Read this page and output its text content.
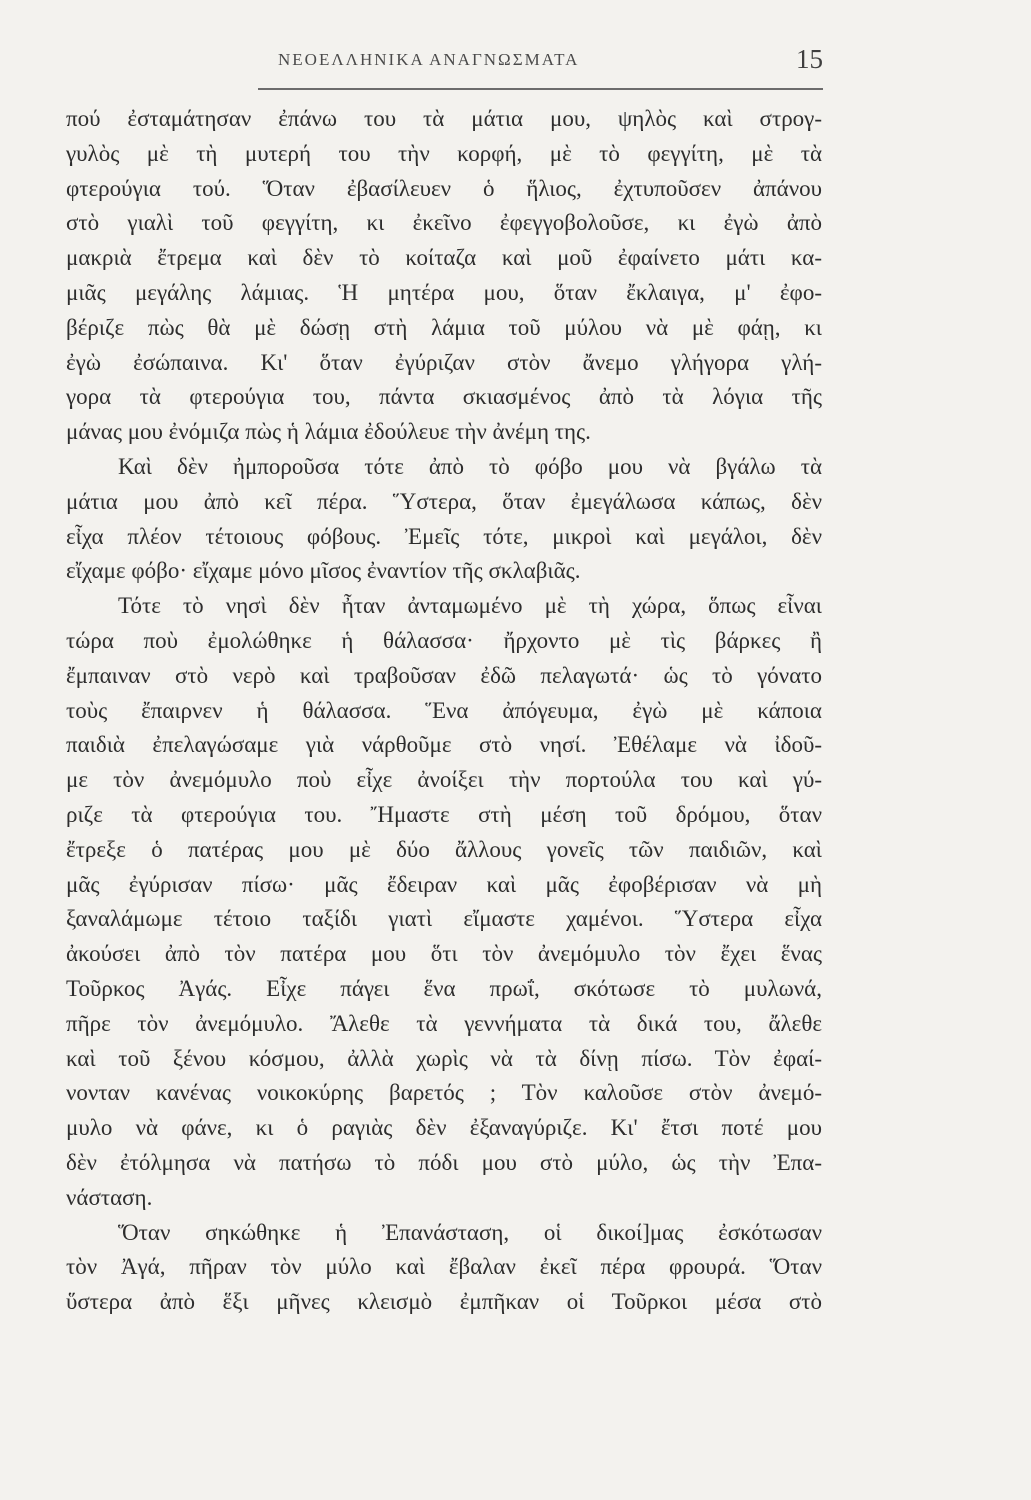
ΝΕΟΕΛΛΗΝΙΚΑ ΑΝΑΓΝΩΣΜΑΤΑ	15
πού ἐσταμάτησαν ἐπάνω του τὰ μάτια μου, ψηλὸς καὶ στρογ-
γυλὸς μὲ τὴ μυτερή του τὴν κορφή, μὲ τὸ φεγγίτη, μὲ τὰ
φτερούγια τού. Ὅταν ἐβασίλευεν ὁ ἥλιος, ἐχτυποῦσεν ἀπάνου
στὸ γιαλὶ τοῦ φεγγίτη, κι ἐκεῖνο ἐφεγγοβολοῦσε, κι ἐγὼ ἀπὸ
μακριὰ ἔτρεμα καὶ δὲν τὸ κοίταζα καὶ μοῦ ἐφαίνετο μάτι κα-
μιᾶς μεγάλης λάμιας. Ἡ μητέρα μου, ὅταν ἔκλαιγα, μ' ἐφο-
βέριζε πὼς θὰ μὲ δώσῃ στὴ λάμια τοῦ μύλου νὰ μὲ φάῃ, κι
ἐγὼ ἐσώπαινα. Κι' ὅταν ἐγύριζαν στὸν ἄνεμο γλήγορα γλή-
γορα τὰ φτερούγια του, πάντα σκιασμένος ἀπὸ τὰ λόγια τῆς
μάνας μου ἐνόμιζα πὼς ἡ λάμια ἐδούλευε τὴν ἀνέμη της.
Καὶ δὲν ἠμποροῦσα τότε ἀπὸ τὸ φόβο μου νὰ βγάλω τὰ
μάτια μου ἀπὸ κεῖ πέρα. Ὕστερα, ὅταν ἐμεγάλωσα κάπως, δὲν
εἶχα πλέον τέτοιους φόβους. Ἐμεῖς τότε, μικροὶ καὶ μεγάλοι, δὲν
εἴχαμε φόβο· εἴχαμε μόνο μῖσος ἐναντίον τῆς σκλαβιᾶς.
Τότε τὸ νησὶ δὲν ἦταν ἀνταμωμένο μὲ τὴ χώρα, ὅπως εἶναι
τώρα ποὺ ἐμολώθηκε ἡ θάλασσα· ἤρχοντο μὲ τὶς βάρκες ἢ
ἔμπαιναν στὸ νερὸ καὶ τραβοῦσαν ἐδῶ πελαγωτά· ὡς τὸ γόνατο
τοὺς ἔπαιρνεν ἡ θάλασσα. Ἕνα ἀπόγευμα, ἐγὼ μὲ κάποια
παιδιὰ ἐπελαγώσαμε γιὰ νάρθοῦμε στὸ νησί. Ἐθέλαμε νὰ ἰδοῦ-
με τὸν ἀνεμόμυλο ποὺ εἶχε ἀνοίξει τὴν πορτούλα του καὶ γύ-
ριζε τὰ φτερούγια του. Ἤμαστε στὴ μέση τοῦ δρόμου, ὅταν
ἔτρεξε ὁ πατέρας μου μὲ δύο ἄλλους γονεῖς τῶν παιδιῶν, καὶ
μᾶς ἐγύρισαν πίσω· μᾶς ἔδειραν καὶ μᾶς ἐφοβέρισαν νὰ μὴ
ξαναλάμωμε τέτοιο ταξίδι γιατὶ εἴμαστε χαμένοι. Ὕστερα εἶχα
ἀκούσει ἀπὸ τὸν πατέρα μου ὅτι τὸν ἀνεμόμυλο τὸν ἔχει ἕνας
Τοῦρκος Ἀγάς. Εἶχε πάγει ἕνα πρωΐ, σκότωσε τὸ μυλωνά,
πῆρε τὸν ἀνεμόμυλο. Ἄλεθε τὰ γεννήματα τὰ δικά του, ἄλεθε
καὶ τοῦ ξένου κόσμου, ἀλλὰ χωρὶς νὰ τὰ δίνῃ πίσω. Τὸν ἐφαί-
νονταν κανένας νοικοκύρης βαρετός ; Τὸν καλοῦσε στὸν ἀνεμό-
μυλο νὰ φάνε, κι ὁ ραγιὰς δὲν ἐξαναγύριζε. Κι' ἔτσι ποτέ μου
δὲν ἐτόλμησα νὰ πατήσω τὸ πόδι μου στὸ μύλο, ὡς τὴν Ἐπα-
νάσταση.
Ὅταν σηκώθηκε ἡ Ἐπανάσταση, οἱ δικοί]μας ἐσκότωσαν
τὸν Ἀγά, πῆραν τὸν μύλο καὶ ἔβαλαν ἐκεῖ πέρα φρουρά. Ὅταν
ὕστερα ἀπὸ ἕξι μῆνες κλεισμὸ ἐμπῆκαν οἱ Τοῦρκοι μέσα στὸ
